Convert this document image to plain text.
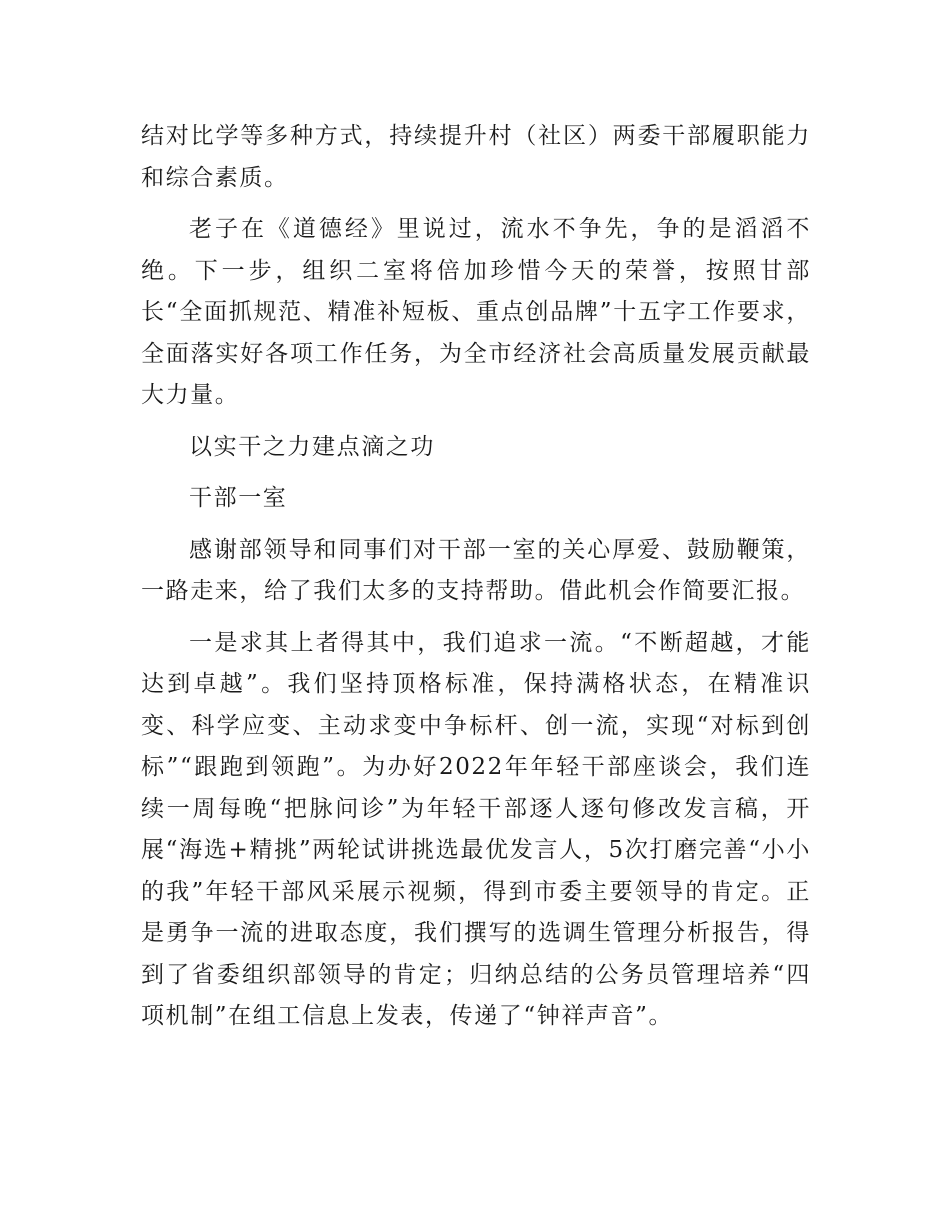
结对比学等多种方式，持续提升村（社区）两委干部履职能力和综合素质。

老子在《道德经》里说过，流水不争先，争的是滔滔不绝。下一步，组织二室将倍加珍惜今天的荣誉，按照甘部长“全面抓规范、精准补短板、重点创品牌”十五字工作要求，全面落实好各项工作任务，为全市经济社会高质量发展贡献最大力量。

以实干之力建点滴之功

干部一室

感谢部领导和同事们对干部一室的关心厚爱、鼓励鞭策，一路走来，给了我们太多的支持帮助。借此机会作简要汇报。

一是求其上者得其中，我们追求一流。“不断超越，才能达到卓越”。我们坚持顶格标准，保持满格状态，在精准识变、科学应变、主动求变中争标杆、创一流，实现“对标到创标”“跟跑到领跑”。为办好2022年年轻干部座谈会，我们连续一周每晚“把脉问诊”为年轻干部逐人逐句修改发言稿，开展“海选+精挑”两轮试讲挑选最优发言人，5次打磨完善“小小的我”年轻干部风采展示视频，得到市委主要领导的肯定。正是勇争一流的进取态度，我们撰写的选调生管理分析报告，得到了省委组织部领导的肯定；归纳总结的公务员管理培养“四项机制”在组工信息上发表，传递了“钟祥声音”。
